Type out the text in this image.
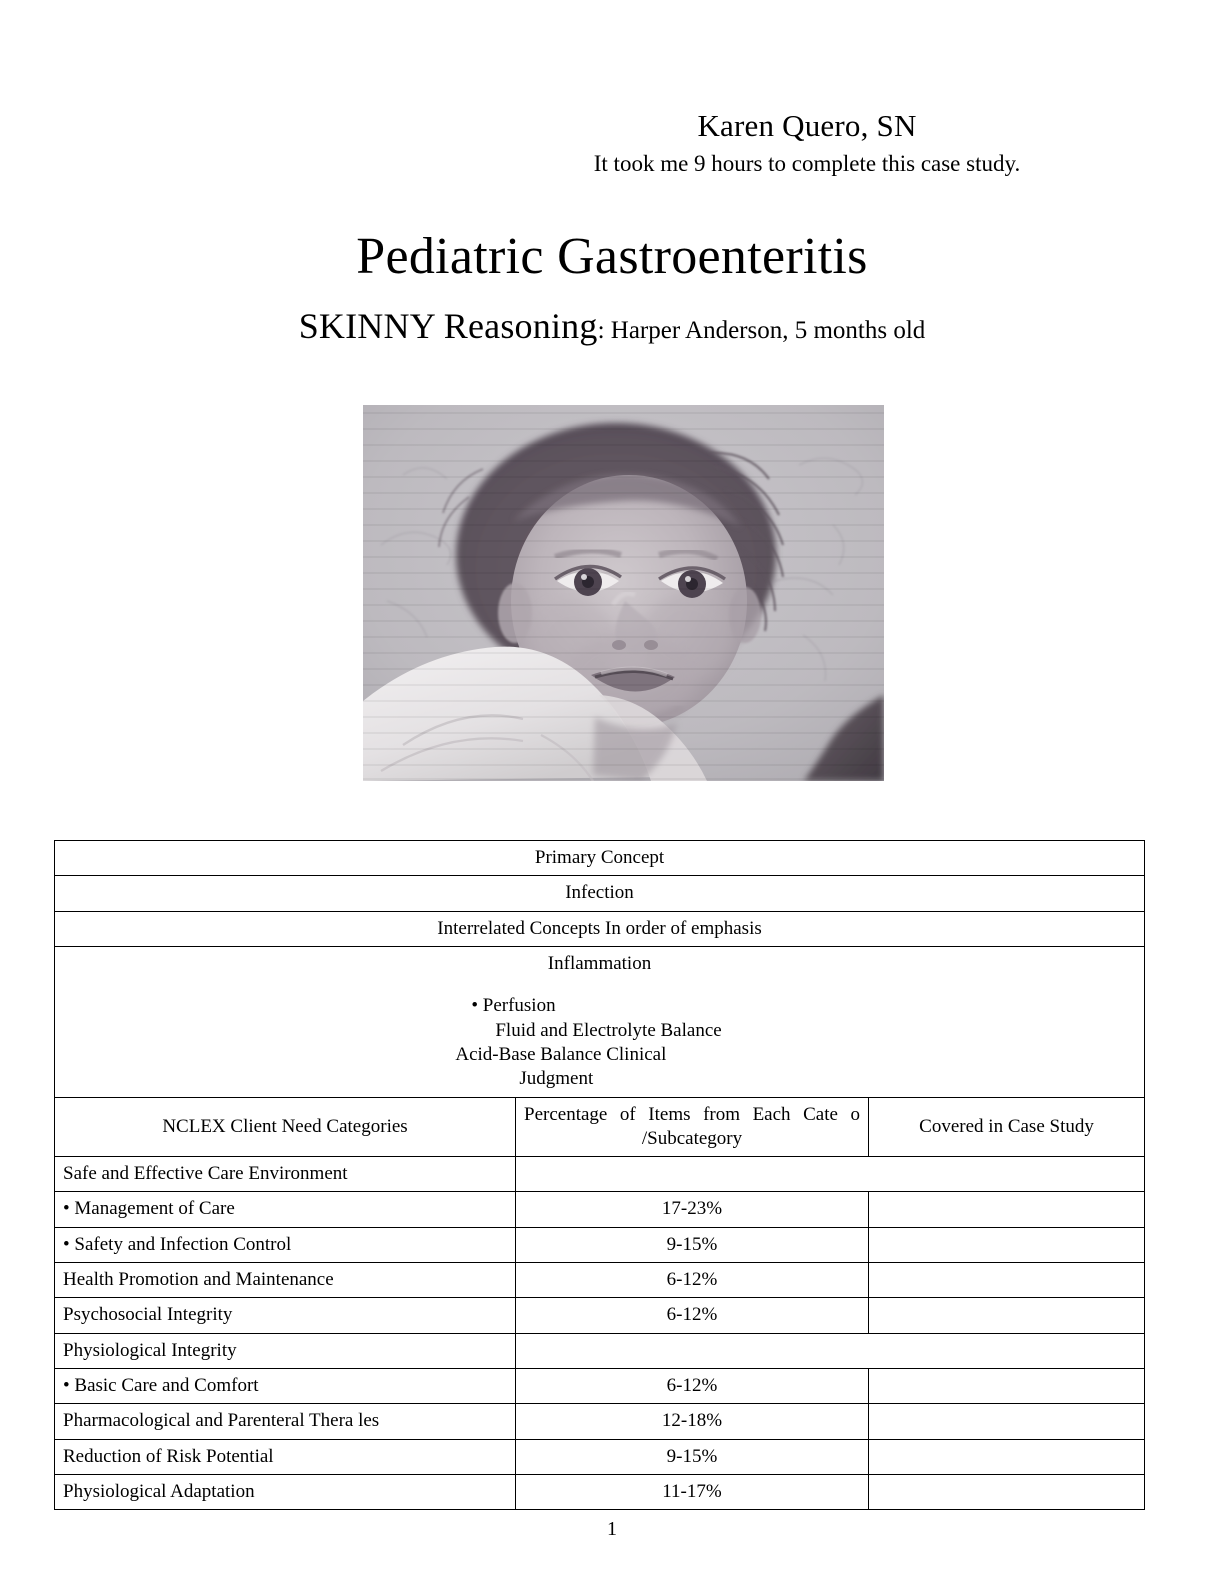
Karen Quero, SN
It took me 9 hours to complete this case study.
Pediatric Gastroenteritis
SKINNY Reasoning: Harper Anderson, 5 months old
Primary Concept		
Infection		
Interrelated Concepts In order of emphasis		

Inflammation
• Perfusion
Fluid and Electrolyte Balance
Acid-Base Balance Clinical
Judgment		

NCLEX Client Need Categories	Percentage of Items from Each Cate o /Subcategory	Covered in Case Study
Safe and Effective Care Environment		
• Management of Care	17-23%	
• Safety and Infection Control	9-15%	
Health Promotion and Maintenance	6-12%	
Psychosocial Integrity	6-12%	
Physiological Integrity		
• Basic Care and Comfort	6-12%	
Pharmacological and Parenteral Thera les	12-18%	
Reduction of Risk Potential	9-15%	
Physiological Adaptation	11-17%	
1
